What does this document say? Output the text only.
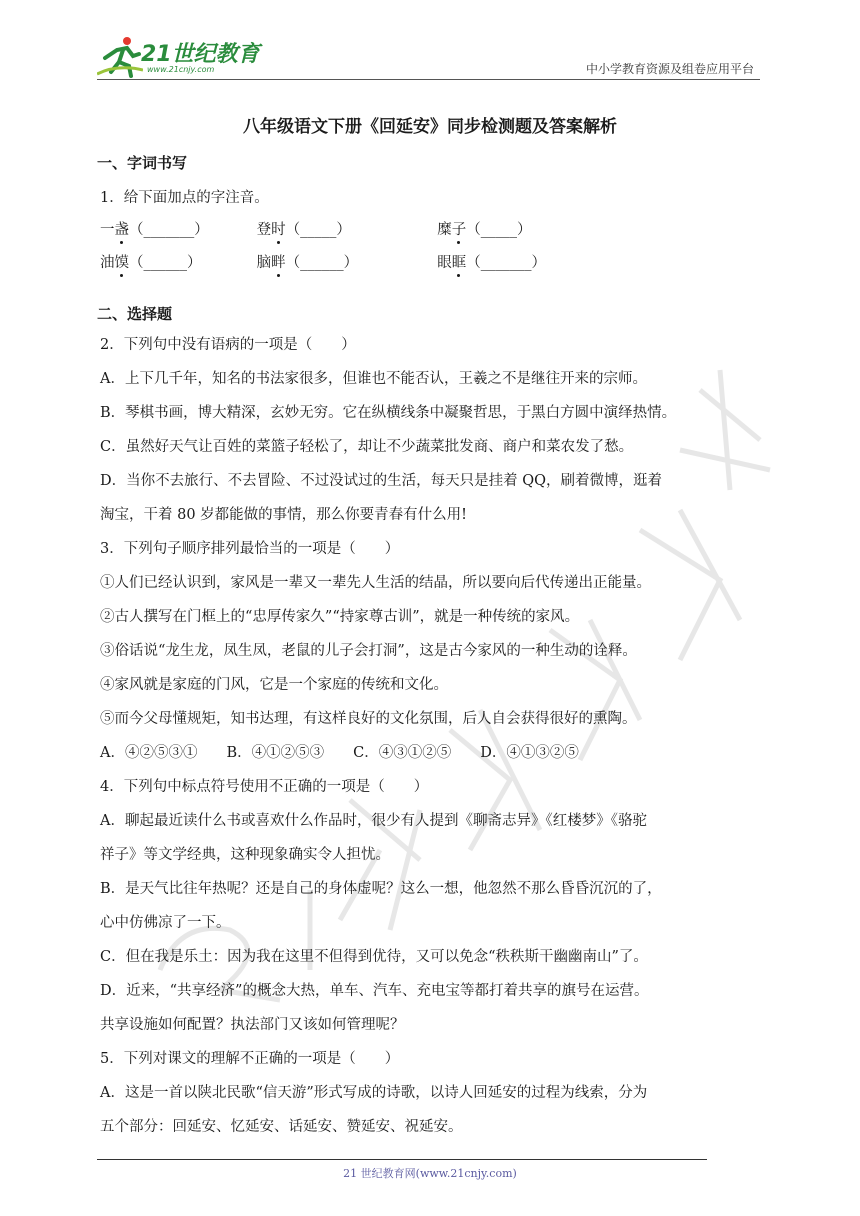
21世纪教育
www.21cnjy.com	中小学教育资源及组卷应用平台
八年级语文下册《回延安》同步检测题及答案解析
一、字词书写
1．给下面加点的字注音。
一盏（_______）	登时（_____）	糜子（_____）
油馍（______）	脑畔（______）	眼眶（_______）
二、选择题
2．下列句中没有语病的一项是（　　）
A．上下几千年，知名的书法家很多，但谁也不能否认，王羲之不是继往开来的宗师。
B．琴棋书画，博大精深，玄妙无穷。它在纵横线条中凝聚哲思，于黑白方圆中演绎热情。
C．虽然好天气让百姓的菜篮子轻松了，却让不少蔬菜批发商、商户和菜农发了愁。
D．当你不去旅行、不去冒险、不过没试过的生活，每天只是挂着 QQ，刷着微博，逛着
淘宝，干着 80 岁都能做的事情，那么你要青春有什么用!
3．下列句子顺序排列最恰当的一项是（　　）
①人们已经认识到，家风是一辈又一辈先人生活的结晶，所以要向后代传递出正能量。
②古人撰写在门框上的“忠厚传家久”“持家尊古训”，就是一种传统的家风。
③俗话说“龙生龙，凤生凤，老鼠的儿子会打洞”，这是古今家风的一种生动的诠释。
④家风就是家庭的门风，它是一个家庭的传统和文化。
⑤而今父母懂规矩，知书达理，有这样良好的文化氛围，后人自会获得很好的熏陶。
A．④②⑤③①　　B．④①②⑤③　　C．④③①②⑤　　D．④①③②⑤
4．下列句中标点符号使用不正确的一项是（　　）
A．聊起最近读什么书或喜欢什么作品时，很少有人提到《聊斋志异》《红楼梦》《骆驼
祥子》等文学经典，这种现象确实令人担忧。
B．是天气比往年热呢？还是自己的身体虚呢？这么一想，他忽然不那么昏昏沉沉的了，
心中仿佛凉了一下。
C．但在我是乐土：因为我在这里不但得到优待，又可以免念“秩秩斯干幽幽南山”了。
D．近来，“共享经济”的概念大热，单车、汽车、充电宝等都打着共享的旗号在运营。
共享设施如何配置？执法部门又该如何管理呢？
5．下列对课文的理解不正确的一项是（　　）
A．这是一首以陕北民歌“信天游”形式写成的诗歌，以诗人回延安的过程为线索，分为
五个部分：回延安、忆延安、话延安、赞延安、祝延安。
21 世纪教育网(www.21cnjy.com)
